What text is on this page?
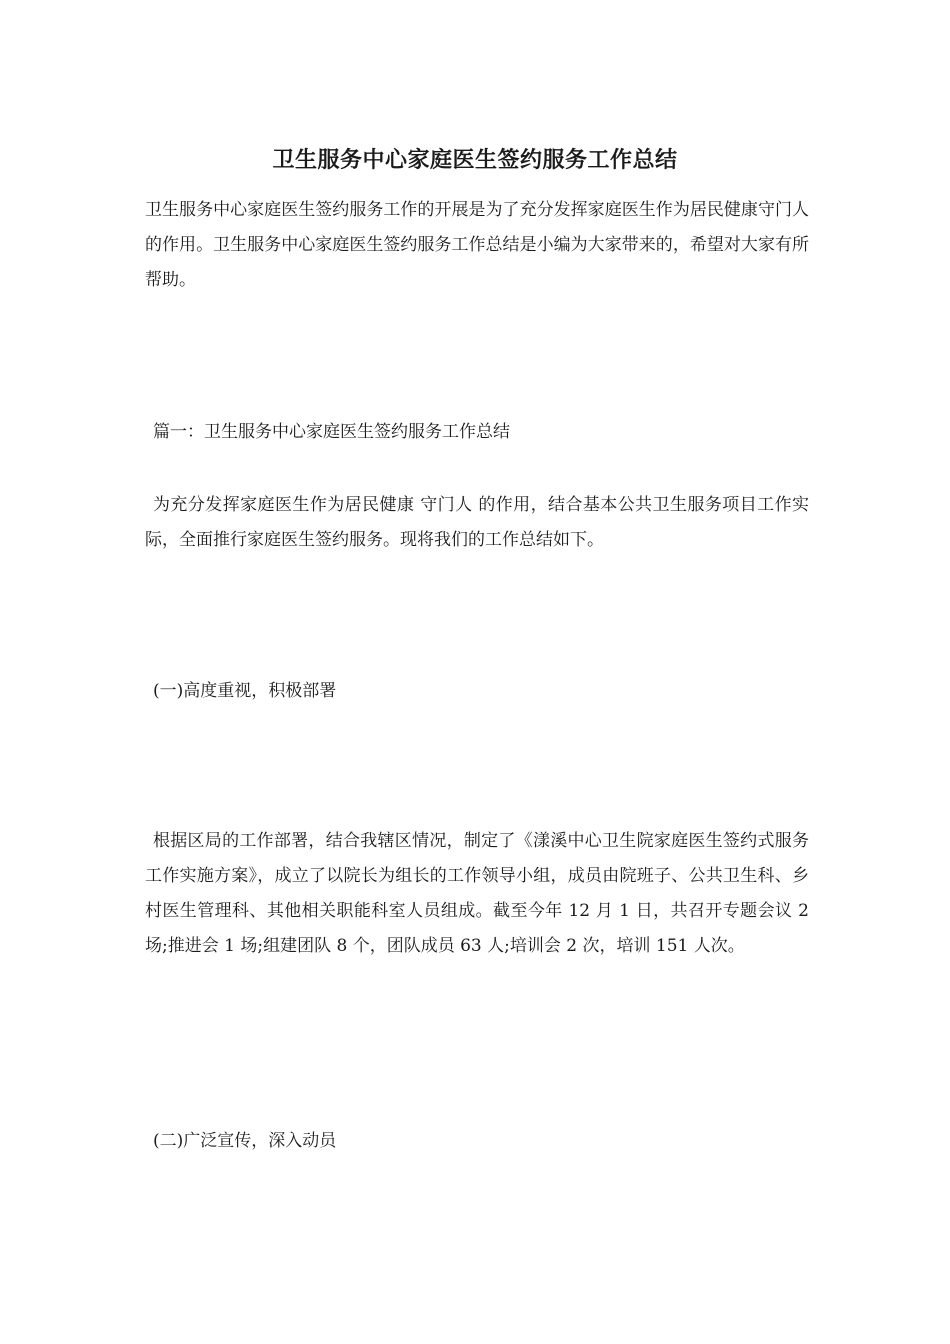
卫生服务中心家庭医生签约服务工作总结

卫生服务中心家庭医生签约服务工作的开展是为了充分发挥家庭医生作为居民健康守门人的作用。卫生服务中心家庭医生签约服务工作总结是小编为大家带来的，希望对大家有所帮助。

篇一：卫生服务中心家庭医生签约服务工作总结

为充分发挥家庭医生作为居民健康 守门人 的作用，结合基本公共卫生服务项目工作实际，全面推行家庭医生签约服务。现将我们的工作总结如下。

(一)高度重视，积极部署

根据区局的工作部署，结合我辖区情况，制定了《漾溪中心卫生院家庭医生签约式服务工作实施方案》，成立了以院长为组长的工作领导小组，成员由院班子、公共卫生科、乡村医生管理科、其他相关职能科室人员组成。截至今年 12 月 1 日，共召开专题会议 2 场;推进会 1 场;组建团队 8 个，团队成员 63 人;培训会 2 次，培训 151 人次。

(二)广泛宣传，深入动员
